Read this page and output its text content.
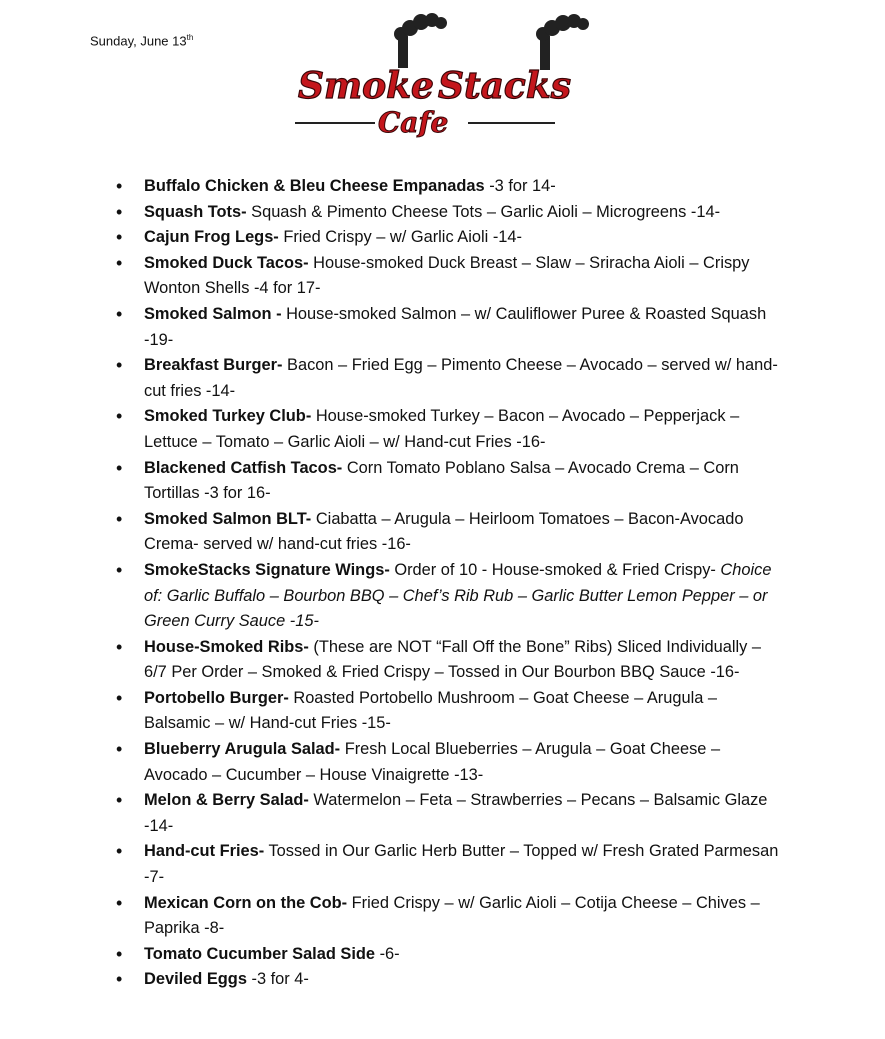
Sunday, June 13th
Smoke Stacks
Cafe
• Buffalo Chicken & Bleu Cheese Empanadas -3 for 14-
• Squash Tots- Squash & Pimento Cheese Tots – Garlic Aioli – Microgreens -14-
• Cajun Frog Legs- Fried Crispy – w/ Garlic Aioli -14-
• Smoked Duck Tacos- House-smoked Duck Breast – Slaw – Sriracha Aioli – Crispy Wonton Shells -4 for 17-
• Smoked Salmon - House-smoked Salmon – w/ Cauliflower Puree & Roasted Squash -19-
• Breakfast Burger- Bacon – Fried Egg – Pimento Cheese – Avocado – served w/ hand-cut fries -14-
• Smoked Turkey Club- House-smoked Turkey – Bacon – Avocado – Pepperjack – Lettuce – Tomato – Garlic Aioli – w/ Hand-cut Fries -16-
• Blackened Catfish Tacos- Corn Tomato Poblano Salsa – Avocado Crema – Corn Tortillas -3 for 16-
• Smoked Salmon BLT- Ciabatta – Arugula – Heirloom Tomatoes – Bacon-Avocado Crema- served w/ hand-cut fries -16-
• SmokeStacks Signature Wings- Order of 10 - House-smoked & Fried Crispy- Choice of: Garlic Buffalo – Bourbon BBQ – Chef’s Rib Rub – Garlic Butter Lemon Pepper – or Green Curry Sauce -15-
• House-Smoked Ribs- (These are NOT “Fall Off the Bone” Ribs) Sliced Individually – 6/7 Per Order – Smoked & Fried Crispy – Tossed in Our Bourbon BBQ Sauce -16-
• Portobello Burger- Roasted Portobello Mushroom – Goat Cheese – Arugula – Balsamic – w/ Hand-cut Fries -15-
• Blueberry Arugula Salad- Fresh Local Blueberries – Arugula – Goat Cheese – Avocado – Cucumber – House Vinaigrette -13-
• Melon & Berry Salad- Watermelon – Feta – Strawberries – Pecans – Balsamic Glaze -14-
• Hand-cut Fries- Tossed in Our Garlic Herb Butter – Topped w/ Fresh Grated Parmesan -7-
• Mexican Corn on the Cob- Fried Crispy – w/ Garlic Aioli – Cotija Cheese – Chives – Paprika -8-
• Tomato Cucumber Salad Side -6-
• Deviled Eggs -3 for 4-
